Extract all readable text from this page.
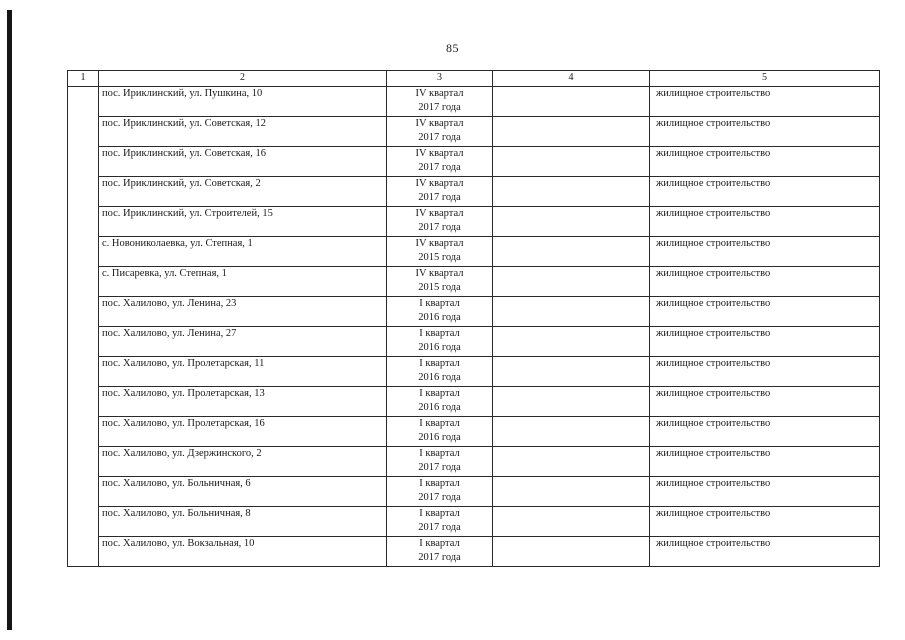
85
1	2	3	4	5
	пос. Ириклинский, ул. Пушкина, 10	IV квартал
2017 года		жилищное строительство
	пос. Ириклинский, ул. Советская, 12	IV квартал
2017 года		жилищное строительство
	пос. Ириклинский, ул. Советская, 16	IV квартал
2017 года		жилищное строительство
	пос. Ириклинский, ул. Советская, 2	IV квартал
2017 года		жилищное строительство
	пос. Ириклинский, ул. Строителей, 15	IV квартал
2017 года		жилищное строительство
	с. Новониколаевка, ул. Степная, 1	IV квартал
2015 года		жилищное строительство
	с. Писаревка, ул. Степная, 1	IV квартал
2015 года		жилищное строительство
	пос. Халилово, ул. Ленина, 23	I квартал
2016 года		жилищное строительство
	пос. Халилово, ул. Ленина, 27	I квартал
2016 года		жилищное строительство
	пос. Халилово, ул. Пролетарская, 11	I квартал
2016 года		жилищное строительство
	пос. Халилово, ул. Пролетарская, 13	I квартал
2016 года		жилищное строительство
	пос. Халилово, ул. Пролетарская, 16	I квартал
2016 года		жилищное строительство
	пос. Халилово, ул. Дзержинского, 2	I квартал
2017 года		жилищное строительство
	пос. Халилово, ул. Больничная, 6	I квартал
2017 года		жилищное строительство
	пос. Халилово, ул. Больничная, 8	I квартал
2017 года		жилищное строительство
	пос. Халилово, ул. Вокзальная, 10	I квартал
2017 года		жилищное строительство
